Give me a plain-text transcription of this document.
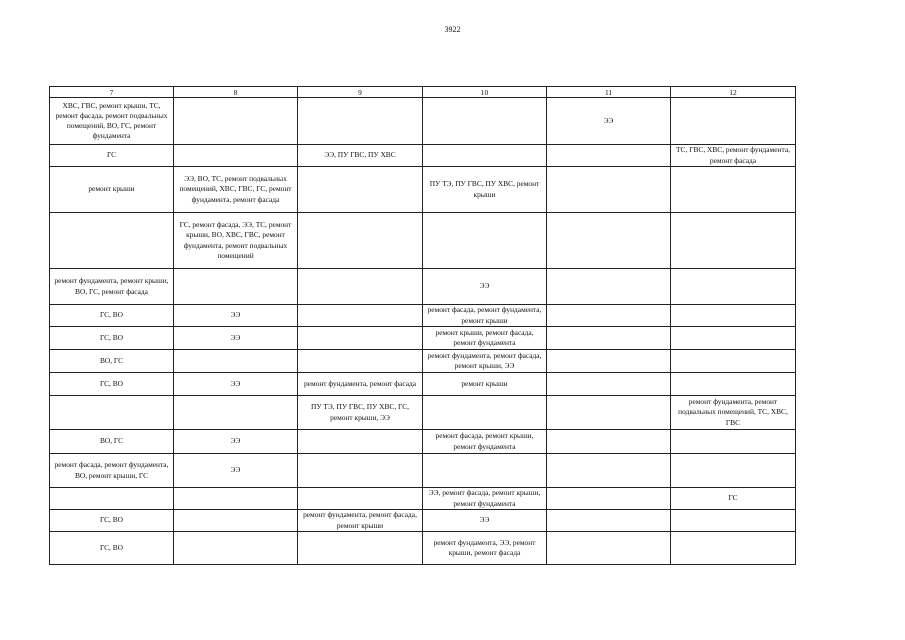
3922
7	8	9	10	11	12
ХВС, ГВС, ремонт крыши, ТС, ремонт фасада, ремонт подвальных помещений, ВО, ГС, ремонт фундамента				ЭЭ	
ГС		ЭЭ, ПУ ГВС, ПУ ХВС			ТС, ГВС, ХВС, ремонт фундамента, ремонт фасада
ремонт крыши	ЭЭ, ВО, ТС, ремонт подвальных помещений, ХВС, ГВС, ГС, ремонт фундамента, ремонт фасада		ПУ ТЭ, ПУ ГВС, ПУ ХВС, ремонт крыши		
	ГС, ремонт фасада, ЭЭ, ТС, ремонт крыши, ВО, ХВС, ГВС, ремонт фундамента, ремонт подвальных помещений				
ремонт фундамента, ремонт крыши, ВО, ГС, ремонт фасада			ЭЭ		
ГС, ВО	ЭЭ		ремонт фасада, ремонт фундамента, ремонт крыши		
ГС, ВО	ЭЭ		ремонт крыши, ремонт фасада, ремонт фундамента		
ВО, ГС			ремонт фундамента, ремонт фасада, ремонт крыши, ЭЭ		
ГС, ВО	ЭЭ	ремонт фундамента, ремонт фасада	ремонт крыши		
		ПУ ТЭ, ПУ ГВС, ПУ ХВС, ГС, ремонт крыши, ЭЭ			ремонт фундамента, ремонт подвальных помещений, ТС, ХВС, ГВС
ВО, ГС	ЭЭ		ремонт фасада, ремонт крыши, ремонт фундамента		
ремонт фасада, ремонт фундамента, ВО, ремонт крыши, ГС	ЭЭ				
			ЭЭ, ремонт фасада, ремонт крыши, ремонт фундамента		ГС
ГС, ВО		ремонт фундамента, ремонт фасада, ремонт крыши	ЭЭ		
ГС, ВО			ремонт фундамента, ЭЭ, ремонт крыши, ремонт фасада		
